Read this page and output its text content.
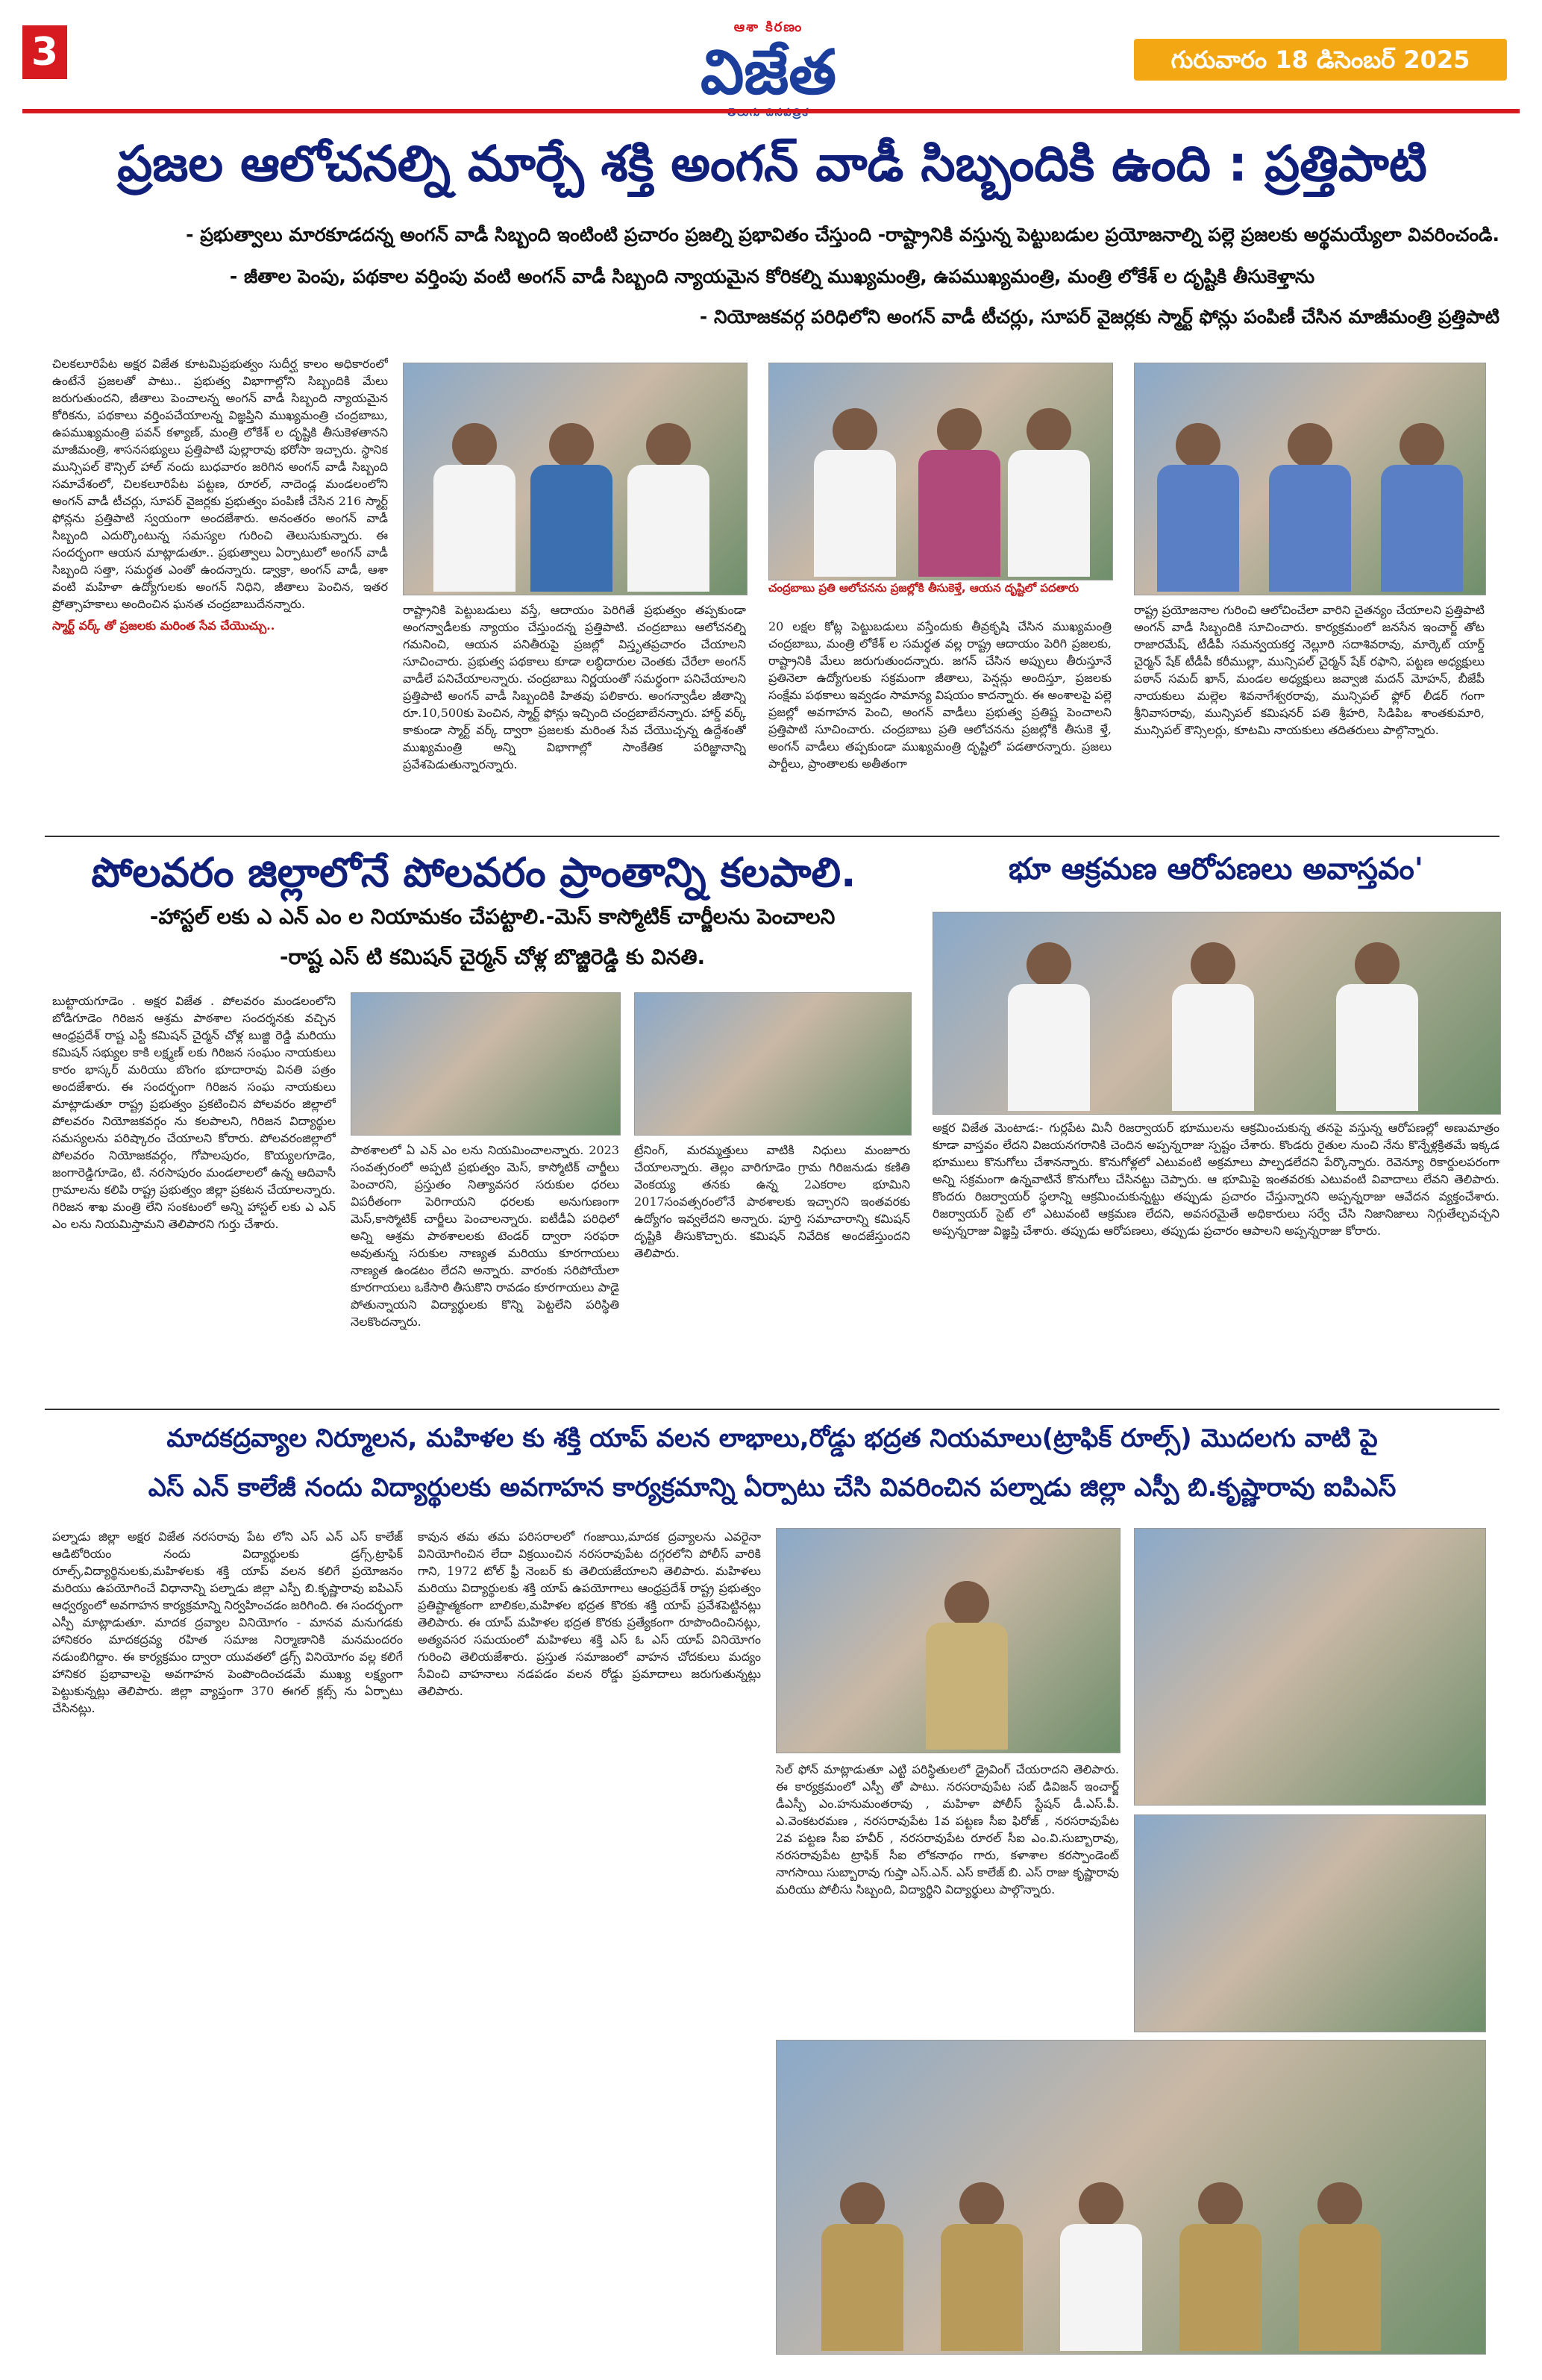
3
ఆశా కిరణం
విజేత	గురువారం 18 డిసెంబర్ 2025
ప్రజల ఆలోచనల్ని మార్చే శక్తి అంగన్ వాడీ సిబ్బందికి ఉంది : ప్రత్తిపాటి
- ప్రభుత్వాలు మారకూడదన్న అంగన్ వాడీ సిబ్బంది ఇంటింటి ప్రచారం ప్రజల్ని ప్రభావితం చేస్తుంది -రాష్ట్రానికి వస్తున్న పెట్టుబడుల ప్రయోజనాల్ని పల్లె ప్రజలకు అర్థమయ్యేలా వివరించండి.
- జీతాల పెంపు, పథకాల వర్తింపు వంటి అంగన్ వాడీ సిబ్బంది న్యాయమైన కోరికల్ని ముఖ్యమంత్రి, ఉపముఖ్యమంత్రి, మంత్రి లోకేశ్ ల దృష్టికి తీసుకెళ్తాను
- నియోజకవర్గ పరిధిలోని అంగన్ వాడీ టీచర్లు, సూపర్ వైజర్లకు స్మార్ట్ ఫోన్లు పంపిణీ చేసిన మాజీమంత్రి ప్రత్తిపాటి

చిలకలూరిపేట అక్షర విజేత కూటమిప్రభుత్వం సుదీర్ఘ కాలం అధికారంలో ఉంటేనే ప్రజలతో పాటు.. ప్రభుత్వ విభాగాల్లోని సిబ్బందికి మేలు జరుగుతుందని, జీతాలు పెంచాలన్న అంగన్ వాడీ సిబ్బంది న్యాయమైన కోరికను, పథకాలు వర్తింపచేయాలన్న విజ్ఞప్తిని ముఖ్యమంత్రి చంద్రబాబు, ఉపముఖ్యమంత్రి పవన్ కళ్యాణ్, మంత్రి లోకేశ్ ల దృష్టికి తీసుకెళతానని మాజీమంత్రి, శాసనసభ్యులు ప్రత్తిపాటి పుల్లారావు భరోసా ఇచ్చారు. స్థానిక మున్సిపల్ కౌన్సిల్ హాల్ నందు బుధవారం జరిగిన అంగన్ వాడీ సిబ్బంది సమావేశంలో, చిలకలూరిపేట పట్టణ, రూరల్, నాదెండ్ల మండలంలోని అంగన్ వాడీ టీచర్లు, సూపర్ వైజర్లకు ప్రభుత్వం పంపిణీ చేసిన 216 స్మార్ట్ ఫోన్లను ప్రత్తిపాటి స్వయంగా అందజేశారు. అనంతరం అంగన్ వాడీ సిబ్బంది ఎదుర్కొంటున్న సమస్యల గురించి తెలుసుకున్నారు. ఈ సందర్భంగా ఆయన మాట్లాడుతూ.. ప్రభుత్వాలు ఏర్పాటులో అంగన్ వాడీ సిబ్బంది సత్తా, సమర్థత ఎంతో ఉందన్నారు. డ్వాక్రా, అంగన్ వాడీ, ఆశా వంటి మహిళా ఉద్యోగులకు అంగన్ నిధిని, జీతాలు పెంచిన, ఇతర ప్రోత్సాహకాలు అందించిన ఘనత చంద్రబాబుదేనన్నారు.

స్మార్ట్ వర్క్ తో ప్రజలకు మరింత సేవ చేయొచ్చు..

చంద్రబాబు ప్రతి ఆలోచనను ప్రజల్లోకి తీసుకెళ్తే, ఆయన దృష్టిలో పదతారు
రాష్ట్రానికి పెట్టుబడులు వస్తే, ఆదాయం పెరిగితే ప్రభుత్వం తప్పకుండా అంగన్వాడీలకు న్యాయం చేస్తుందన్న ప్రత్తిపాటి. చంద్రబాబు ఆలోచనల్ని గమనించి, ఆయన పనితీరుపై ప్రజల్లో విస్తృతప్రచారం చేయాలని సూచించారు. ప్రభుత్వ పథకాలు కూడా లబ్ధిదారుల చెంతకు చేరేలా అంగన్ వాడీలే పనిచేయాలన్నారు. చంద్రబాబు నిర్ణయంతో సమర్థంగా పనిచేయాలని ప్రత్తిపాటి అంగన్ వాడీ సిబ్బందికి హితవు పలికారు. అంగన్వాడీల జీతాన్ని రూ.10,500కు పెంచిన, స్మార్ట్ ఫోన్లు ఇచ్చింది చంద్రబాబేనన్నారు. హార్డ్ వర్క్ కాకుండా స్మార్ట్ వర్క్ ద్వారా ప్రజలకు మరింత సేవ చేయొచ్చన్న ఉద్దేశంతో ముఖ్యమంత్రి అన్ని విభాగాల్లో సాంకేతిక పరిజ్ఞానాన్ని ప్రవేశపెడుతున్నారన్నారు.
20 లక్షల కోట్ల పెట్టుబడులు వస్తేందుకు తీవ్రకృషి చేసిన ముఖ్యమంత్రి చంద్రబాబు, మంత్రి లోకేశ్ ల సమర్థత వల్ల రాష్ట్ర ఆదాయం పెరిగి ప్రజలకు, రాష్ట్రానికి మేలు జరుగుతుందన్నారు. జగన్ చేసిన అప్పులు తీరుస్తూనే ప్రతినెలా ఉద్యోగులకు సక్రమంగా జీతాలు, పెన్షన్లు అందిస్తూ, ప్రజలకు సంక్షేమ పథకాలు ఇవ్వడం సామాన్య విషయం కాదన్నారు. ఈ అంశాలపై పల్లె ప్రజల్లో అవగాహన పెంచి, అంగన్ వాడీలు ప్రభుత్వ ప్రతిష్ట పెంచాలని ప్రత్తిపాటి సూచించారు. చంద్రబాబు ప్రతి ఆలోచనను ప్రజల్లోకి తీసుకె ళ్తే, అంగన్ వాడీలు తప్పకుండా ముఖ్యమంత్రి దృష్టిలో పడతారన్నారు. ప్రజలు పార్టీలు, ప్రాంతాలకు అతీతంగా
రాష్ట్ర ప్రయోజనాల గురించి ఆలోచించేలా వారిని చైతన్యం చేయాలని ప్రత్తిపాటి అంగన్ వాడీ సిబ్బందికి సూచించారు. కార్యక్రమంలో జనసేన ఇంచార్జ్ తోట రాజారమేష్, టీడీపీ సమన్వయకర్త నెల్లూరి సదాశివరావు, మార్కెట్ యార్డ్ చైర్మన్ షేక్ టీడీపీ కరీముల్లా, మున్సిపల్ చైర్మన్ షేక్ రఫాని, పట్టణ అధ్యక్షులు పఠాన్ సమద్ ఖాన్, మండల అధ్యక్షులు జవ్వాజి మదన్ మోహన్, బీజేపీ నాయకులు మల్లెల శివనాగేశ్వరరావు, మున్సిపల్ ఫ్లోర్ లీడర్ గంగా శ్రీనివాసరావు, మున్సిపల్ కమిషనర్ పతి శ్రీహరి, సిడిపిఒ శాంతకుమారి, మున్సిపల్ కౌన్సిలర్లు, కూటమి నాయకులు తదితరులు పాల్గొన్నారు.
పోలవరం జిల్లాలోనే పోలవరం ప్రాంతాన్ని కలపాలి.
-హాస్టల్ లకు ఎ ఎన్ ఎం ల నియామకం చేపట్టాలి.-మెస్ కాస్మోటిక్ చార్జీలను పెంచాలని
-రాష్ట ఎస్ టి కమిషన్ చైర్మన్ చోళ్ల బొజ్జిరెడ్డి కు వినతి.
బుట్టాయగూడెం . అక్షర విజేత . పోలవరం మండలంలోని బోడిగూడెం గిరిజన ఆశ్రమ పాఠశాల సందర్శనకు వచ్చిన ఆంధ్రప్రదేశ్ రాష్ట ఎస్టీ కమిషన్ చైర్మన్ చోళ్ల బుజ్జి రెడ్డి మరియు కమిషన్ సభ్యుల కాకి లక్ష్మణ్ లకు గిరిజన సంఘం నాయకులు కారం భాస్కర్ మరియు బొంగం భూదారావు వినతి పత్రం అందజేశారు. ఈ సందర్భంగా గిరిజన సంఘ నాయకులు మాట్లాడుతూ రాష్ట్ర ప్రభుత్వం ప్రకటించిన పోలవరం జిల్లాలో పోలవరం నియోజకవర్గం ను కలపాలని, గిరిజన విద్యార్థుల సమస్యలను పరిష్కారం చేయాలని కోరారు. పోలవరంజిల్లాలో పోలవరం నియోజకవర్గం, గోపాలపురం, కొయ్యలగూడెం, జంగారెడ్డిగూడెం, టి. నరసాపురం మండలాలలో ఉన్న ఆదివాసీ గ్రామాలను కలిపి రాష్ట్ర ప్రభుత్వం జిల్లా ప్రకటన చేయాలన్నారు. గిరిజన శాఖ మంత్రి లేని సంకటంలో అన్ని హాస్టల్ లకు ఎ ఎన్ ఎం లను నియమిస్తామని తెలిపారని గుర్తు చేశారు.
పాఠశాలలో ఏ ఎన్ ఎం లను నియమించాలన్నారు. 2023 సంవత్సరంలో అప్పటి ప్రభుత్వం మెస్, కాస్మోటిక్ చార్జీలు పెంచారని, ప్రస్తుతం నిత్యావసర సరుకుల ధరలు విపరీతంగా పెరిగాయని ధరలకు అనుగుణంగా మెస్,కాస్మోటిక్ చార్జీలు పెంచాలన్నారు. ఐటీడీఏ పరిధిలో అన్ని ఆశ్రమ పాఠశాలలకు టెండర్ ద్వారా సరఫరా అవుతున్న సరుకుల నాణ్యత మరియు కూరగాయలు నాణ్యత ఉండటం లేదని అన్నారు. వారంకు సరిపోయేలా కూరగాయలు ఒకేసారి తీసుకొని రావడం కూరగాయలు పాడై పోతున్నాయని విద్యార్థులకు కొన్ని పెట్టలేని పరిస్థితి నెలకొందన్నారు.
ట్రేనింగ్, మరమ్మత్తులు వాటికి నిధులు మంజూరు చేయాలన్నారు. తెల్లం వారిగూడెం గ్రామ గిరిజనుడు కణితి వెంకయ్య తనకు ఉన్న 2ఎకరాల భూమిని 2017సంవత్సరంలోనే పాఠశాలకు ఇచ్చారని ఇంతవరకు ఉద్యోగం ఇవ్వలేదని అన్నారు. పూర్తి సమాచారాన్ని కమిషన్ దృష్టికి తీసుకొచ్చారు. కమిషన్ నివేదిక అందజేస్తుందని తెలిపారు.
భూ ఆక్రమణ ఆరోపణలు అవాస్తవం'
అక్షర విజేత మెంటాడ:- గుర్లపేట మినీ రిజర్వాయర్ భూములను ఆక్రమించుకున్న తనపై వస్తున్న ఆరోపణల్లో అణుమాత్రం కూడా వాస్తవం లేదని విజయనగరానికి చెందిన అప్పన్నరాజు స్పష్టం చేశారు. కొండరు రైతుల నుంచి నేను కొన్నేళ్లక్రితమే ఇక్కడ భూములు కొనుగోలు చేశానన్నారు. కొనుగోళ్లలో ఎటువంటి అక్రమాలు పాల్పడలేదని పేర్కొన్నారు. రెవెన్యూ రికార్డులపరంగా అన్ని సక్రమంగా ఉన్నవాటినే కొనుగోలు చేసినట్టు చెప్పారు. ఆ భూమిపై ఇంతవరకు ఎటువంటి వివాదాలు లేవని తెలిపారు. కొందరు రిజర్వాయర్ స్థలాన్ని ఆక్రమించుకున్నట్టు తప్పుడు ప్రచారం చేస్తున్నారని అప్పన్నరాజు ఆవేదన వ్యక్తంచేశారు. రిజర్వాయర్ సైట్ లో ఎటువంటి ఆక్రమణ లేదని, అవసరమైతే అధికారులు సర్వే చేసి నిజానిజాలు నిగ్గుతేల్చవచ్చని అప్పన్నరాజు విజ్ఞప్తి చేశారు. తప్పుడు ఆరోపణలు, తప్పుడు ప్రచారం ఆపాలని అప్పన్నరాజు కోరారు.
మాదకద్రవ్యాల నిర్మూలన, మహిళల కు శక్తి యాప్ వలన లాభాలు,రోడ్డు భద్రత నియమాలు(ట్రాఫిక్ రూల్స్) మొదలగు వాటి పై
ఎస్ ఎన్ కాలేజీ నందు విద్యార్థులకు అవగాహన కార్యక్రమాన్ని ఏర్పాటు చేసి వివరించిన పల్నాడు జిల్లా ఎస్పీ బి.కృష్ణారావు ఐపిఎస్
పల్నాడు జిల్లా అక్షర విజేత నరసరావు పేట లోని ఎస్ ఎన్ ఎస్ కాలేజ్ ఆడిటోరియం నందు విద్యార్థులకు డ్రగ్స్,ట్రాఫిక్ రూల్స్,విద్యార్థినులకు,మహిళలకు శక్తి యాప్ వలన కలిగే ప్రయోజనం మరియు ఉపయోగించే విధానాన్ని పల్నాడు జిల్లా ఎస్పీ బి.కృష్ణారావు ఐపిఎస్ ఆధ్వర్యంలో అవగాహన కార్యక్రమాన్ని నిర్వహించడం జరిగింది. ఈ సందర్భంగా ఎస్పీ మాట్లాడుతూ. మాదక ద్రవ్యాల వినియోగం - మానవ మనుగడకు హానికరం మాదకద్రవ్య రహిత సమాజ నిర్మాణానికి మనమందరం నడుంబిగిద్దాం. ఈ కార్యక్రమం ద్వారా యువతలో డ్రగ్స్ వినియోగం వల్ల కలిగే హానికర ప్రభావాలపై అవగాహన పెంపొందించడమే ముఖ్య లక్ష్యంగా పెట్టుకున్నట్లు తెలిపారు. జిల్లా వ్యాప్తంగా 370 ఈగల్ క్లబ్స్ ను ఏర్పాటు చేసినట్లు.
కావున తమ తమ పరిసరాలలో గంజాయి,మాదక ద్రవ్యాలను ఎవరైనా వినియోగించిన లేదా విక్రయించిన నరసరావుపేట దగ్గరలోని పోలీస్ వారికి గాని, 1972 టోల్ ఫ్రీ నెంబర్ కు తెలియజేయాలని తెలిపారు. మహిళలు మరియు విద్యార్థులకు శక్తి యాప్ ఉపయోగాలు ఆంధ్రప్రదేశ్ రాష్ట్ర ప్రభుత్వం ప్రతిష్టాత్మకంగా బాలికల,మహిళల భద్రత కొరకు శక్తి యాప్ ప్రవేశపెట్టినట్లు తెలిపారు. ఈ యాప్ మహిళల భద్రత కొరకు ప్రత్యేకంగా రూపొందించినట్లు, అత్యవసర సమయంలో మహిళలు శక్తి ఎస్ ఓ ఎస్ యాప్ వినియోగం గురించి తెలియజేశారు. ప్రస్తుత సమాజంలో వాహన చోదకులు మద్యం సేవించి వాహనాలు నడపడం వలన రోడ్డు ప్రమాదాలు జరుగుతున్నట్లు తెలిపారు.
సెల్ ఫోన్ మాట్లాడుతూ ఎట్టి పరిస్థితులలో డ్రైవింగ్ చేయరాదని తెలిపారు. ఈ కార్యక్రమంలో ఎస్పీ తో పాటు. నరసరావుపేట సబ్ డివిజన్ ఇంచార్జ్ డీఎస్పీ ఎం.హనుమంతరావు , మహిళా పోలీస్ స్టేషన్ డీ.ఎస్.పీ. ఎ.వెంకటరమణ , నరసరావుపేట 1వ పట్టణ సీఐ ఫిరోజ్ , నరసరావుపేట 2వ పట్టణ సీఐ హవీర్ , నరసరావుపేట రూరల్ సీఐ ఎం.వి.సుబ్బారావు, నరసరావుపేట ట్రాఫిక్ సీఐ లోకనాథం గారు, కళాశాల కరస్పాండెంట్ నాగసాయి సుబ్బారావు గుప్తా ఎస్.ఎన్. ఎస్ కాలేజ్ బి. ఎస్ రాజు కృష్ణారావు మరియు పోలీసు సిబ్బంది, విద్యార్థిని విద్యార్థులు పాల్గొన్నారు.
